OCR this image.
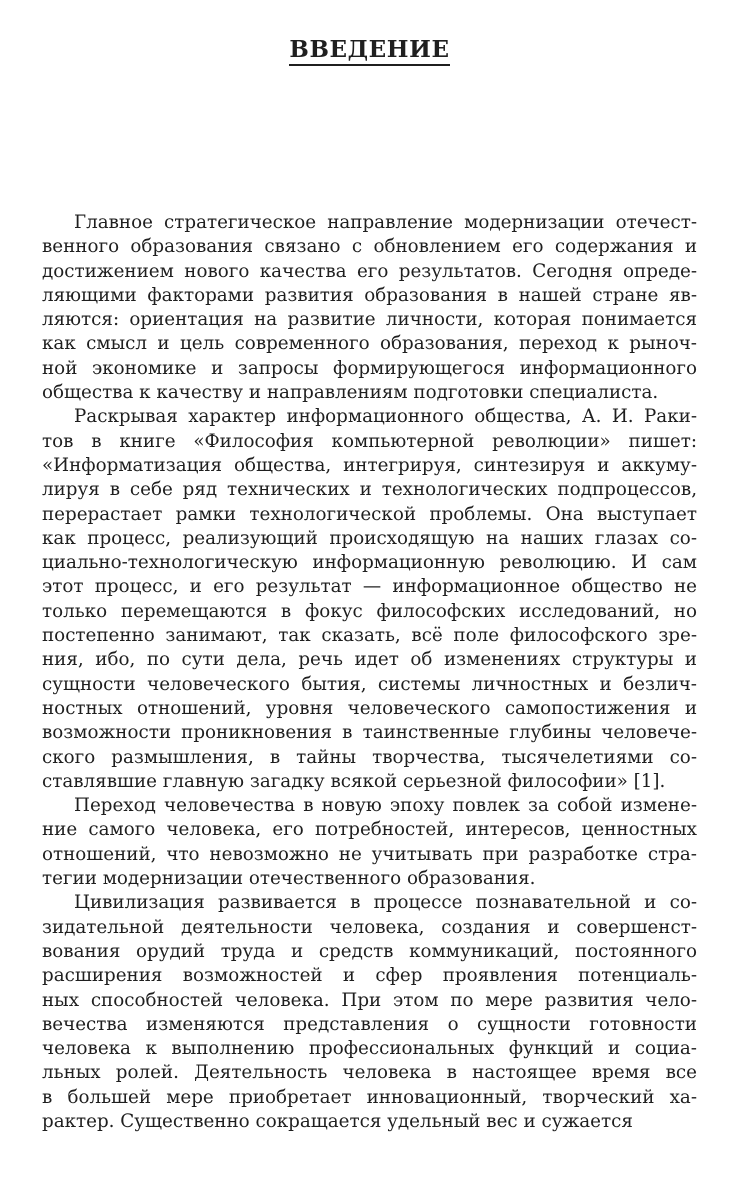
ВВЕДЕНИЕ
Главное стратегическое направление модернизации отечест-
венного образования связано с обновлением его содержания и
достижением нового качества его результатов. Сегодня опреде-
ляющими факторами развития образования в нашей стране яв-
ляются: ориентация на развитие личности, которая понимается
как смысл и цель современного образования, переход к рыноч-
ной экономике и запросы формирующегося информационного
общества к качеству и направлениям подготовки специалиста.
Раскрывая характер информационного общества, А. И. Раки-
тов в книге «Философия компьютерной революции» пишет:
«Информатизация общества, интегрируя, синтезируя и аккуму-
лируя в себе ряд технических и технологических подпроцессов,
перерастает рамки технологической проблемы. Она выступает
как процесс, реализующий происходящую на наших глазах со-
циально-технологическую информационную революцию. И сам
этот процесс, и его результат — информационное общество не
только перемещаются в фокус философских исследований, но
постепенно занимают, так сказать, всё поле философского зре-
ния, ибо, по сути дела, речь идет об изменениях структуры и
сущности человеческого бытия, системы личностных и безлич-
ностных отношений, уровня человеческого самопостижения и
возможности проникновения в таинственные глубины человече-
ского размышления, в тайны творчества, тысячелетиями со-
ставлявшие главную загадку всякой серьезной философии» [1].
Переход человечества в новую эпоху повлек за собой измене-
ние самого человека, его потребностей, интересов, ценностных
отношений, что невозможно не учитывать при разработке стра-
тегии модернизации отечественного образования.
Цивилизация развивается в процессе познавательной и со-
зидательной деятельности человека, создания и совершенст-
вования орудий труда и средств коммуникаций, постоянного
расширения возможностей и сфер проявления потенциаль-
ных способностей человека. При этом по мере развития чело-
вечества изменяются представления о сущности готовности
человека к выполнению профессиональных функций и социа-
льных ролей. Деятельность человека в настоящее время все
в большей мере приобретает инновационный, творческий ха-
рактер. Существенно сокращается удельный вес и сужается
